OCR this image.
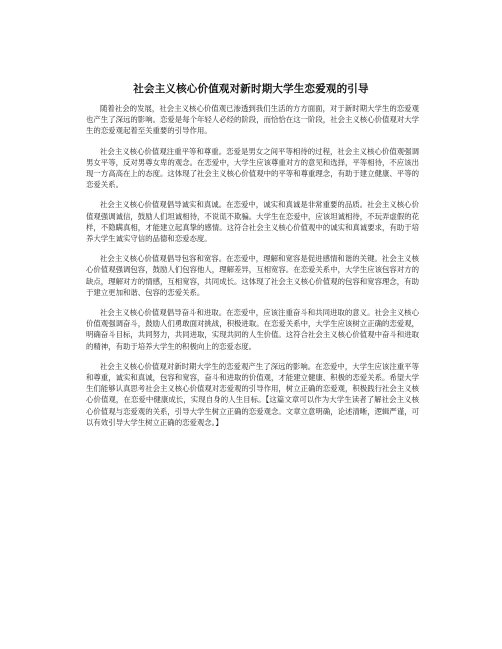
社会主义核心价值观对新时期大学生恋爱观的引导

随着社会的发展，社会主义核心价值观已渗透到我们生活的方方面面，对于新时期大学生的恋爱观也产生了深远的影响。恋爱是每个年轻人必经的阶段，而恰恰在这一阶段，社会主义核心价值观对大学生的恋爱观起着至关重要的引导作用。

社会主义核心价值观注重平等和尊重。恋爱是男女之间平等相待的过程，社会主义核心价值观强调男女平等，反对男尊女卑的观念。在恋爱中，大学生应该尊重对方的意见和选择，平等相待，不应该出现一方高高在上的态度。这体现了社会主义核心价值观中的平等和尊重理念，有助于建立健康、平等的恋爱关系。

社会主义核心价值观倡导诚实和真诚。在恋爱中，诚实和真诚是非常重要的品质。社会主义核心价值观强调诚信，鼓励人们坦诚相待，不说谎不欺骗。大学生在恋爱中，应该坦诚相待，不玩弄虚假的花样，不隐瞒真相，才能建立起真挚的感情。这符合社会主义核心价值观中的诚实和真诚要求，有助于培养大学生诚实守信的品德和恋爱态度。

社会主义核心价值观倡导包容和宽容。在恋爱中，理解和宽容是促进感情和谐的关键。社会主义核心价值观强调包容，鼓励人们包容他人，理解差异，互相宽容。在恋爱关系中，大学生应该包容对方的缺点，理解对方的情感，互相宽容，共同成长。这体现了社会主义核心价值观的包容和宽容理念，有助于建立更加和谐、包容的恋爱关系。

社会主义核心价值观倡导奋斗和进取。在恋爱中，应该注重奋斗和共同进取的意义。社会主义核心价值观强调奋斗，鼓励人们勇敢面对挑战，积极进取。在恋爱关系中，大学生应该树立正确的恋爱观，明确奋斗目标，共同努力，共同进取，实现共同的人生价值。这符合社会主义核心价值观中奋斗和进取的精神，有助于培养大学生的积极向上的恋爱态度。

社会主义核心价值观对新时期大学生的恋爱观产生了深远的影响。在恋爱中，大学生应该注重平等和尊重，诚实和真诚，包容和宽容，奋斗和进取的价值观，才能建立健康、积极的恋爱关系。希望大学生们能够认真思考社会主义核心价值观对恋爱观的引导作用，树立正确的恋爱观，积极践行社会主义核心价值观，在恋爱中健康成长，实现自身的人生目标。【这篇文章可以作为大学生读者了解社会主义核心价值观与恋爱观的关系，引导大学生树立正确的恋爱观念。文章立意明确，论述清晰，逻辑严谨，可以有效引导大学生树立正确的恋爱观念。】
